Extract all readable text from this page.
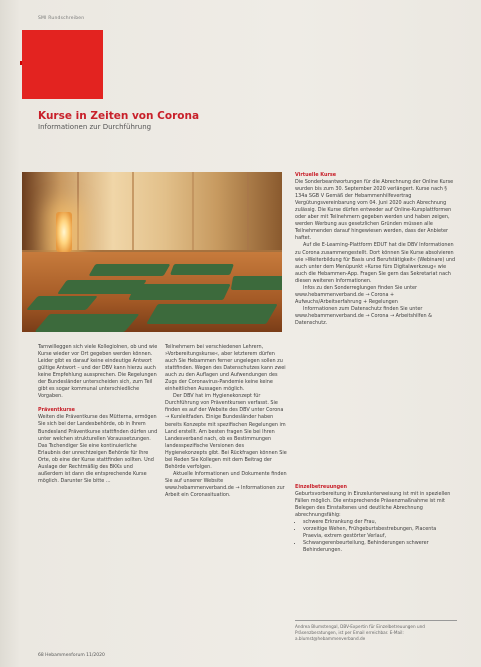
SMI Rundschreiben
Kurse in Zeiten von Corona
Informationen zur Durchführung

Tarnwilleggen sich viele Kollegiolnen, ob und wie Kurse wieder vor Ort gegeben werden können. Leider gibt es darauf keine eindeutige Antwort gültige Antwort – und der DBV kann hierzu auch keine Empfehlung aussprechen. Die Regelungen der Bundesländer unterscheiden sich, zum Teil gibt es sogar kommunal unterschiedliche Vorgaben.

Präventkurse

Weiten die Präventkurse des Mütterna, ermögen Sie sich bei der Landesbehörde, ob in Ihrem Bundesland Präventkurse stattfinden dürfen und unter welchen strukturellen Voraussetzungen. Das Tschendiger Sie eine kontinuierliche Erlaubnis der unrechtzeigen Behörde für Ihre Orte, ob eine der Kurse stattfinden sollten. Und Auslage der Rechtmäßig des BKKs und außerdem ist dann die entsprechende Kurse möglich. Darunter Sie bitte ...

Teilnehmern bei verschiedenen Lehrern, »Vorbereitungskurse«, aber letzterem dürfen auch Sie Hebammen ferner ungelegen sollen zu stattfinden. Wegen des Datenschutzes kann zwei auch zu den Auflagen und Aufwendungen des Zugs der Coronavirus-Pandemie keine keine einheitlichen Aussagen möglich.

Der DBV hat im Hygienekonzept für Durchführung von Präventkursen verfasst. Sie finden es auf der Website des DBV unter Corona → Kursleitfaden. Einige Bundesländer haben bereits Konzepte mit spezifischen Regelungen im Land erstellt. Am besten fragen Sie bei Ihren Landesverband nach, ob es Bestimmungen landesspezifische Versionen des Hygienekonzepts gibt. Bei Rückfragen können Sie bei Reden Sie Kollegen mit dem Beitrag der Behörde verfolgen.

Aktuelle Informationen und Dokumente finden Sie auf unserer Website www.hebammenverband.de → Informationen zur Arbeit ein Coronasituation.

Virtuelle Kurse

Die Sonderbeantwortungen für die Abrechnung der Online Kurse wurden bis zum 30. September 2020 verlängert. Kurse nach § 134a SGB V Gemäß der Hebammenhilfevertrag Vergütungsvereinbarung vom 04. Juni 2020 auch Abrechnung zulässig. Die Kurse dürfen entweder auf Online-Kursplattformen oder aber mit Teilnehmern gegeben werden und haben zeigen, werden Werbung aus gesetzlichen Gründen müssen alle Teilnehmenden darauf hingewiesen werden, dass der Anbieter haftet.

Auf die E-Learning-Plattform EDUT hat die DBV Informationen zu Corona zusammengestellt. Dort können Sie Kurse absolvieren wie »Weiterbildung für Basis und Berufstätigkeit« (Webinare) und auch unter dem Menüpunkt »Kurse fürs Digitalwerkzeug« wie auch die Hebammen-App. Fragen Sie gern das Sekretariat nach diesen weiteren Informationen.

Infos zu den Sonderreglungen finden Sie unter www.hebammenverband.de → Corona + Aufwuchs/Arbeitserfahrung + Regelungen

Informationen zum Datenschutz finden Sie unter www.hebammenverband.de → Corona → Arbeitshilfen & Datenschutz.

Einzelbetreuungen

Geburtsvorbereitung in Einzelunterweisung ist mit in speziellen Fällen möglich. Die entsprechende Präsenzmaßnahme ist mit Belegen des Einstaltenes und deutliche Abrechnung abrechnungsfähig:

• schwere Erkrankung der Frau,
• vorzeitige Wehen, Frühgeburtsbestrebungen, Placenta Praevia, extrem gestörter Verlauf,
• Schwangerenbeurteilung, Behinderungen schwerer Behinderungen.
Andrea Blumstengal, DBV-Expertin für Einzelbetreuungen und Präsenzberatungen, ist per Email erreichbar. E-Mail: a.blumst@hebammenverband.de
68 Hebammenforum 11/2020
